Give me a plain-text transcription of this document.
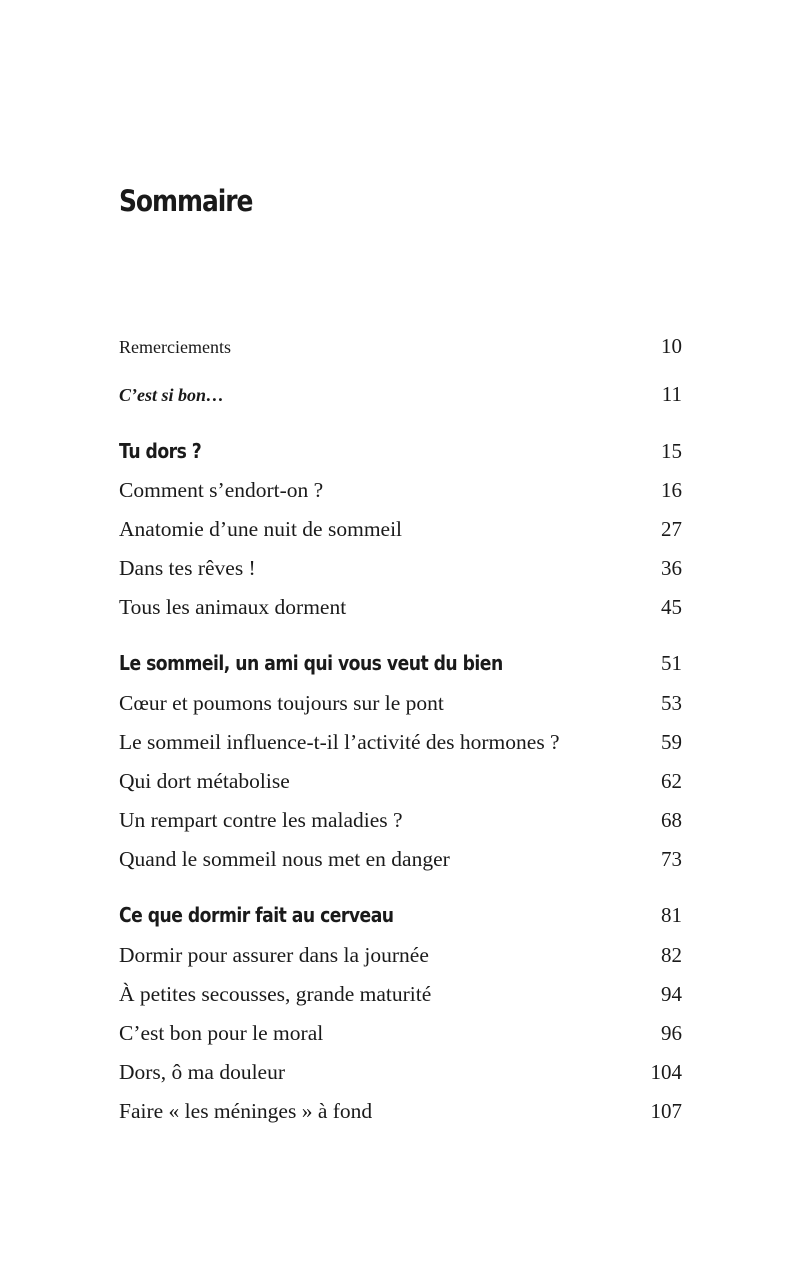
Sommaire
Remerciements	10
C’est si bon…	11
Tu dors ?	15
Comment s’endort-on ?	16
Anatomie d’une nuit de sommeil	27
Dans tes rêves !	36
Tous les animaux dorment	45
Le sommeil, un ami qui vous veut du bien	51
Cœur et poumons toujours sur le pont	53
Le sommeil influence-t-il l’activité des hormones ?	59
Qui dort métabolise	62
Un rempart contre les maladies ?	68
Quand le sommeil nous met en danger	73
Ce que dormir fait au cerveau	81
Dormir pour assurer dans la journée	82
À petites secousses, grande maturité	94
C’est bon pour le moral	96
Dors, ô ma douleur	104
Faire « les méninges » à fond	107
